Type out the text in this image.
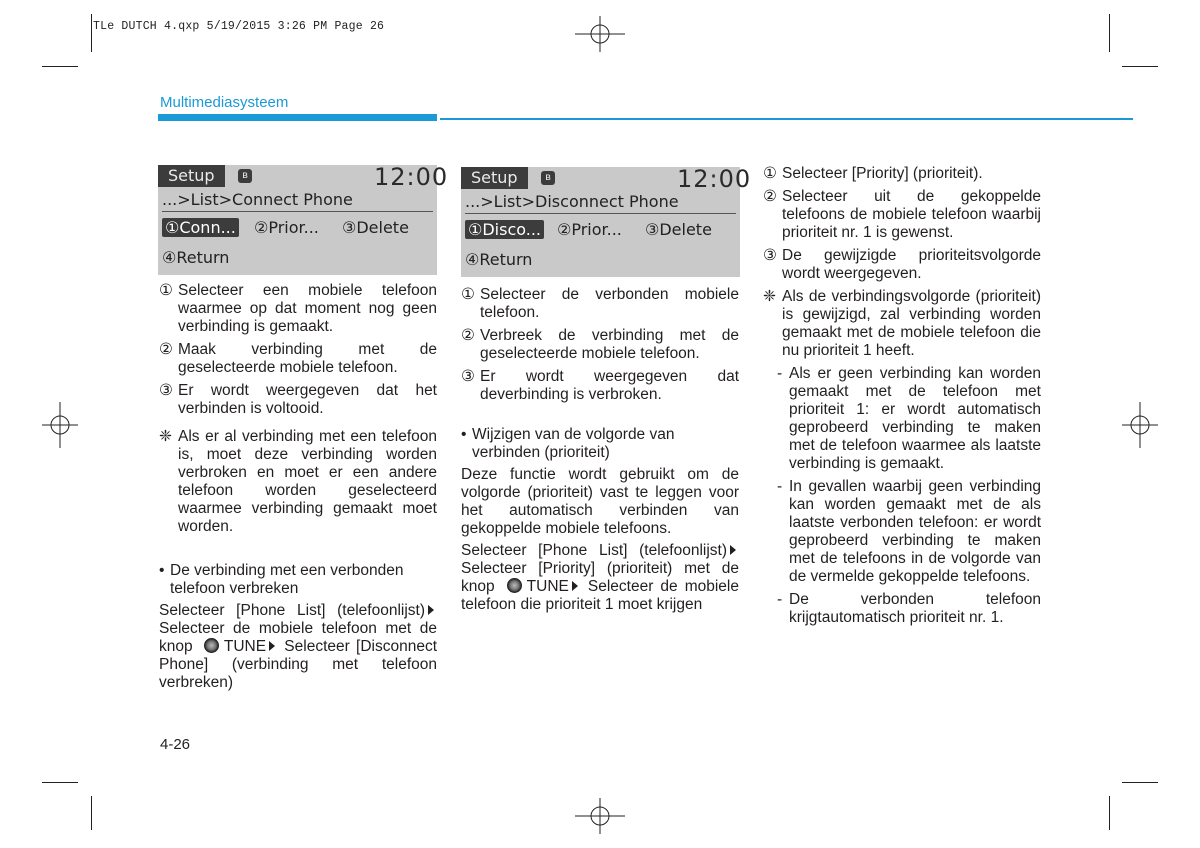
TLe DUTCH 4.qxp 5/19/2015 3:26 PM Page 26
Multimediasysteem
Setup	ʙ	12:00
...>List>Connect Phone
①Conn... ②Prior... ③Delete
④Return
Setup	ʙ	12:00
...>List>Disconnect Phone
①Disco... ②Prior... ③Delete
④Return
① Selecteer een mobiele telefoon waarmee op dat moment nog geen verbinding is gemaakt.
② Maak verbinding met de geselecteerde mobiele telefoon.
③ Er wordt weergegeven dat het verbinden is voltooid.
❈ Als er al verbinding met een telefoon is, moet deze verbinding worden verbroken en moet er een andere telefoon worden geselecteerd waarmee verbinding gemaakt moet worden.
• De verbinding met een verbonden telefoon verbreken
Selecteer [Phone List] (telefoonlijst) Selecteer de mobiele telefoon met de knop TUNE Selecteer [Disconnect Phone] (verbinding met telefoon verbreken)
① Selecteer de verbonden mobiele telefoon.
② Verbreek de verbinding met de geselecteerde mobiele telefoon.
③ Er wordt weergegeven dat deverbinding is verbroken.
• Wijzigen van de volgorde van verbinden (prioriteit)
Deze functie wordt gebruikt om de volgorde (prioriteit) vast te leggen voor het automatisch verbinden van gekoppelde mobiele telefoons.
Selecteer [Phone List] (telefoonlijst)Selecteer [Priority] (prioriteit) met de knop TUNE Selecteer de mobiele telefoon die prioriteit 1 moet krijgen
① Selecteer [Priority] (prioriteit).
② Selecteer uit de gekoppelde telefoons de mobiele telefoon waarbij prioriteit nr. 1 is gewenst.
③ De gewijzigde prioriteitsvolgorde wordt weergegeven.
❈ Als de verbindingsvolgorde (prioriteit) is gewijzigd, zal verbinding worden gemaakt met de mobiele telefoon die nu prioriteit 1 heeft.
- Als er geen verbinding kan worden gemaakt met de telefoon met prioriteit 1: er wordt automatisch geprobeerd verbinding te maken met de telefoon waarmee als laatste verbinding is gemaakt.
- In gevallen waarbij geen verbinding kan worden gemaakt met de als laatste verbonden telefoon: er wordt geprobeerd verbinding te maken met de telefoons in de volgorde van de vermelde gekoppelde telefoons.
- De verbonden telefoon krijgtautomatisch prioriteit nr. 1.
4-26
